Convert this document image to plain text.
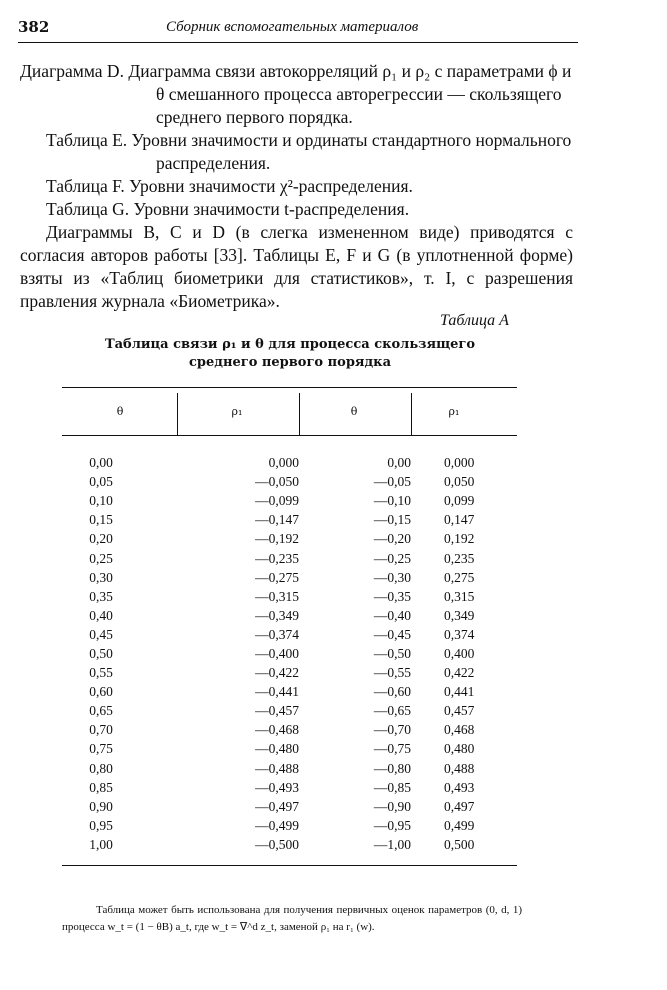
382	Сборник вспомогательных материалов

Диаграмма D. Диаграмма связи автокорреляций ρ₁ и ρ₂ с параметрами ϕ и θ смешанного процесса авторегрессии — скользящего среднего первого порядка.

Таблица E. Уровни значимости и ординаты стандартного нормального распределения.

Таблица F. Уровни значимости χ²-распределения.

Таблица G. Уровни значимости t-распределения.

Диаграммы B, C и D (в слегка измененном виде) приводятся с согласия авторов работы [33]. Таблицы E, F и G (в уплотненной форме) взяты из «Таблиц биометрики для статистиков», т. I, с разрешения правления журнала «Биометрика».

Таблица A
Таблица связи ρ₁ и θ для процесса скользящего
среднего первого порядка
θ	ρ₁	θ	ρ₁
0,00	0,000	0,00	0,000
0,05	—0,050	—0,05	0,050
0,10	—0,099	—0,10	0,099
0,15	—0,147	—0,15	0,147
0,20	—0,192	—0,20	0,192
0,25	—0,235	—0,25	0,235
0,30	—0,275	—0,30	0,275
0,35	—0,315	—0,35	0,315
0,40	—0,349	—0,40	0,349
0,45	—0,374	—0,45	0,374
0,50	—0,400	—0,50	0,400
0,55	—0,422	—0,55	0,422
0,60	—0,441	—0,60	0,441
0,65	—0,457	—0,65	0,457
0,70	—0,468	—0,70	0,468
0,75	—0,480	—0,75	0,480
0,80	—0,488	—0,80	0,488
0,85	—0,493	—0,85	0,493
0,90	—0,497	—0,90	0,497
0,95	—0,499	—0,95	0,499
1,00	—0,500	—1,00	0,500

Таблица может быть использована для получения первичных оценок параметров (0, d, 1) процесса w_t = (1 − θB) a_t, где w_t = ∇^d z_t, заменой ρ₁ на r₁ (w).
